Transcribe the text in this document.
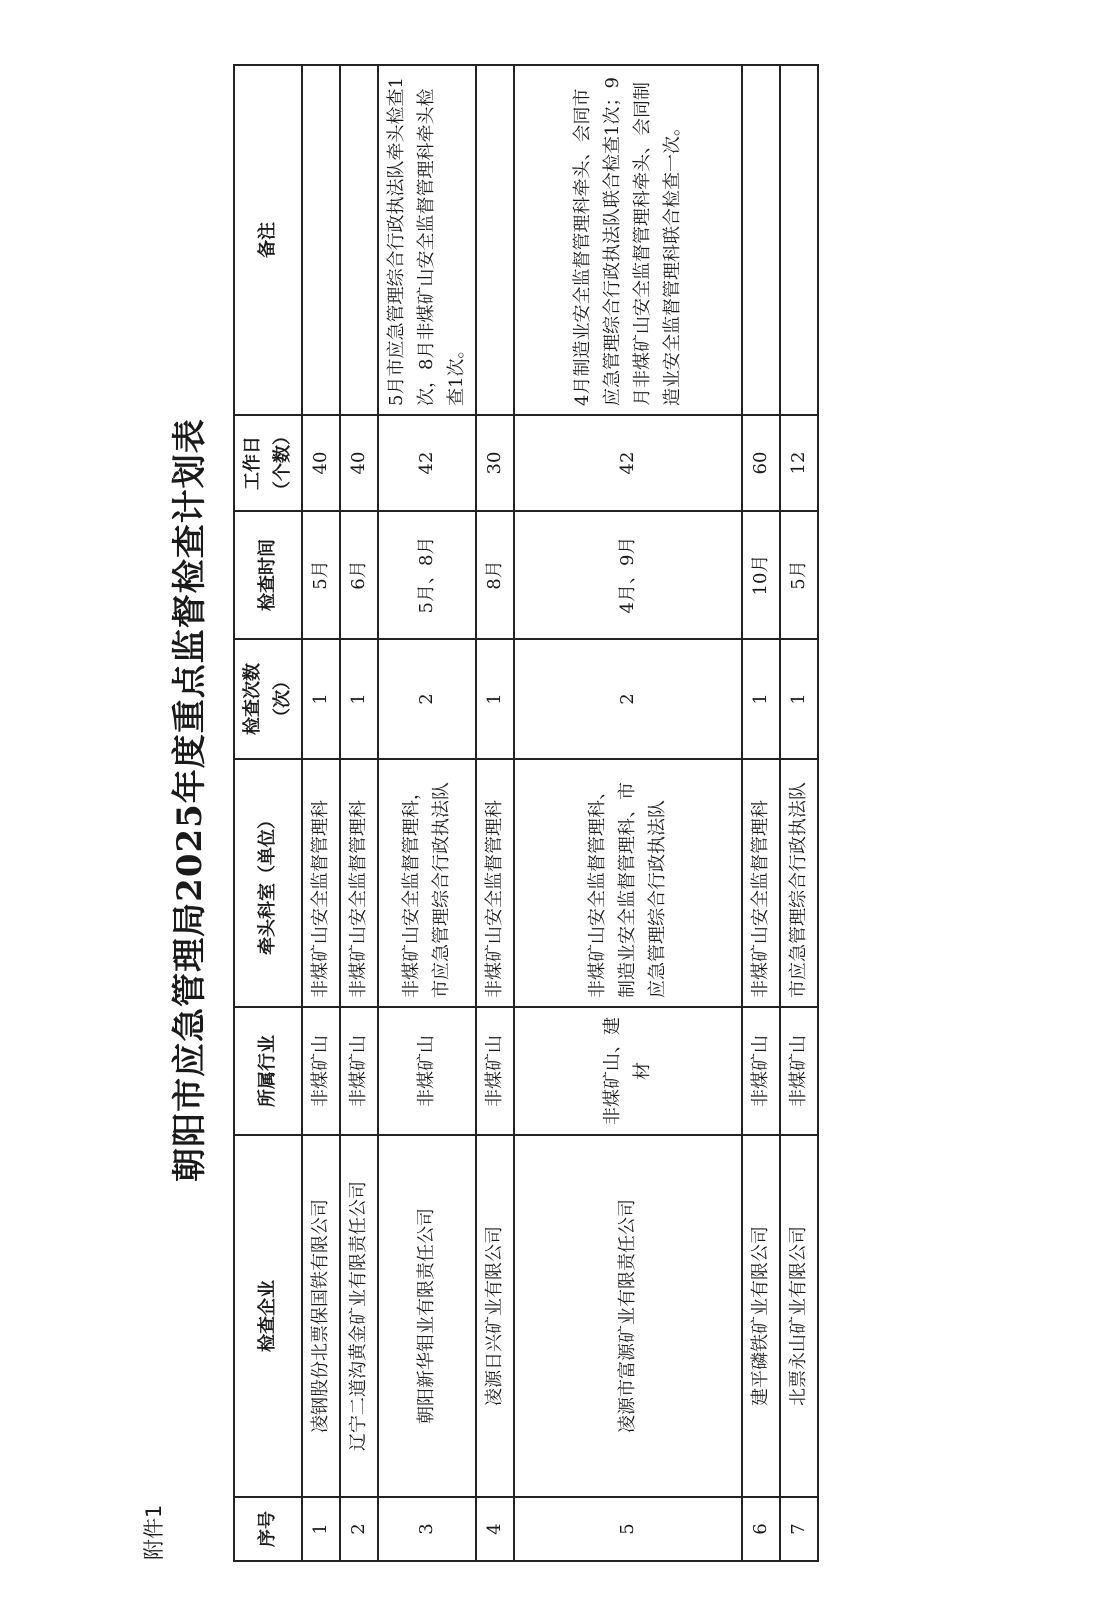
附件1
朝阳市应急管理局2025年度重点监督检查计划表
序号	检查企业	所属行业	牵头科室（单位）	检查次数（次）	检查时间	工作日（个数）	备注
1	凌钢股份北票保国铁有限公司	非煤矿山	非煤矿山安全监督管理科	1	5月	40	
2	辽宁二道沟黄金矿业有限责任公司	非煤矿山	非煤矿山安全监督管理科	1	6月	40	
3	朝阳新华钼业有限责任公司	非煤矿山	非煤矿山安全监督管理科，市应急管理综合行政执法队	2	5月、8月	42	5月市应急管理综合行政执法队牵头检查1次，8月非煤矿山安全监督管理科牵头检查1次。
4	凌源日兴矿业有限公司	非煤矿山	非煤矿山安全监督管理科	1	8月	30	
5	凌源市富源矿业有限责任公司	非煤矿山、建材	非煤矿山安全监督管理科、制造业安全监督管理科、市应急管理综合行政执法队	2	4月、9月	42	4月制造业安全监督管理科牵头、会同市应急管理综合行政执法队联合检查1次；9月非煤矿山安全监督管理科牵头、会同制造业安全监督管理科联合检查一次。
6	建平磷铁矿业有限公司	非煤矿山	非煤矿山安全监督管理科	1	10月	60	
7	北票永山矿业有限公司	非煤矿山	市应急管理综合行政执法队	1	5月	12	
